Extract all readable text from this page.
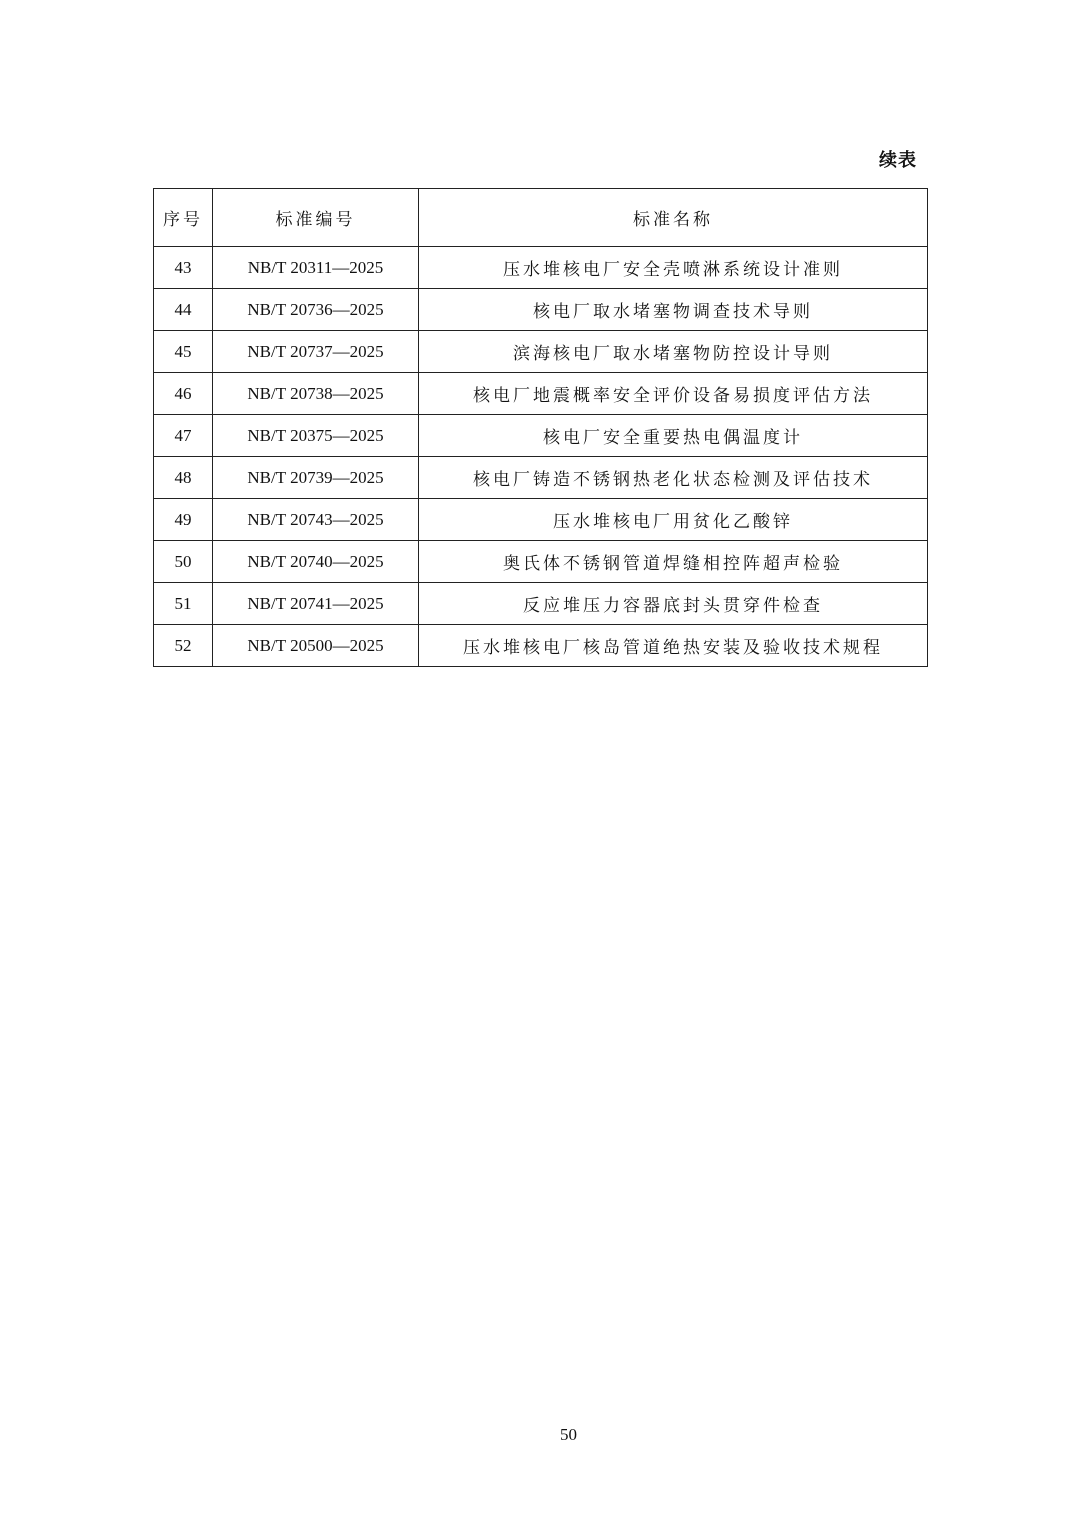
续表
序号	标准编号	标准名称
43	NB/T 20311—2025	压水堆核电厂安全壳喷淋系统设计准则
44	NB/T 20736—2025	核电厂取水堵塞物调查技术导则
45	NB/T 20737—2025	滨海核电厂取水堵塞物防控设计导则
46	NB/T 20738—2025	核电厂地震概率安全评价设备易损度评估方法
47	NB/T 20375—2025	核电厂安全重要热电偶温度计
48	NB/T 20739—2025	核电厂铸造不锈钢热老化状态检测及评估技术
49	NB/T 20743—2025	压水堆核电厂用贫化乙酸锌
50	NB/T 20740—2025	奥氏体不锈钢管道焊缝相控阵超声检验
51	NB/T 20741—2025	反应堆压力容器底封头贯穿件检查
52	NB/T 20500—2025	压水堆核电厂核岛管道绝热安装及验收技术规程
50
